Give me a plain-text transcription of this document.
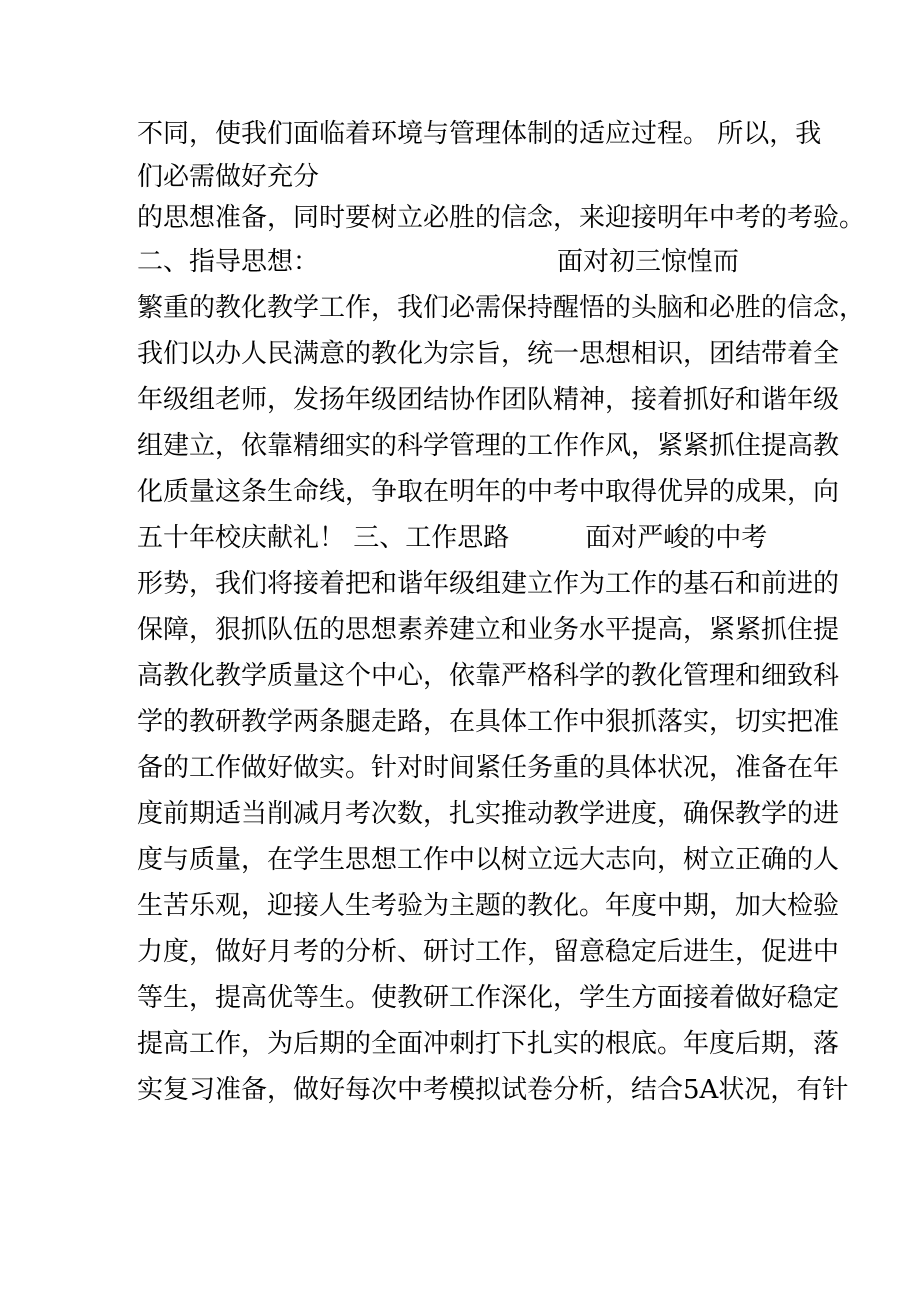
不同，使我们面临着环境与管理体制的适应过程。 所以，我
们必需做好充分
的思想准备，同时要树立必胜的信念，来迎接明年中考的考验。
二、指导思想：	面对初三惊惶而
繁重的教化教学工作，我们必需保持醒悟的头脑和必胜的信念，
我们以办人民满意的教化为宗旨，统一思想相识，团结带着全
年级组老师，发扬年级团结协作团队精神，接着抓好和谐年级
组建立，依靠精细实的科学管理的工作作风，紧紧抓住提高教
化质量这条生命线，争取在明年的中考中取得优异的成果，向
五十年校庆献礼！ 三、工作思路	面对严峻的中考
形势，我们将接着把和谐年级组建立作为工作的基石和前进的
保障，狠抓队伍的思想素养建立和业务水平提高，紧紧抓住提
高教化教学质量这个中心，依靠严格科学的教化管理和细致科
学的教研教学两条腿走路，在具体工作中狠抓落实，切实把准
备的工作做好做实。针对时间紧任务重的具体状况，准备在年
度前期适当削减月考次数，扎实推动教学进度，确保教学的进
度与质量，在学生思想工作中以树立远大志向，树立正确的人
生苦乐观，迎接人生考验为主题的教化。年度中期，加大检验
力度，做好月考的分析、研讨工作，留意稳定后进生，促进中
等生，提高优等生。使教研工作深化，学生方面接着做好稳定
提高工作，为后期的全面冲刺打下扎实的根底。年度后期，落
实复习准备，做好每次中考模拟试卷分析，结合5A状况，有针
